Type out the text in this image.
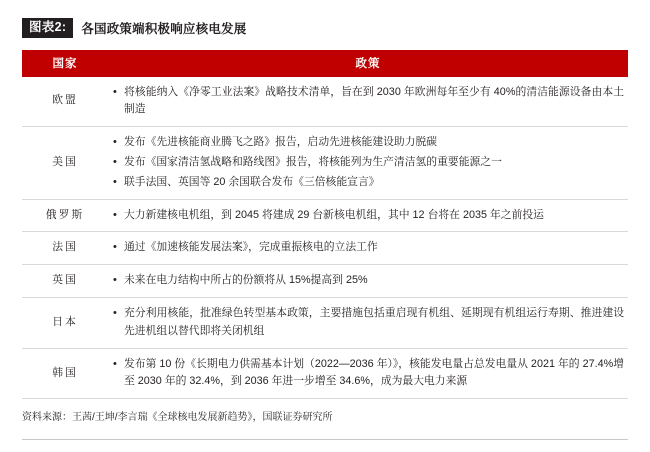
图表2:	各国政策端积极响应核电发展
国家	政策
欧盟	• 将核能纳入《净零工业法案》战略技术清单，旨在到 2030 年欧洲每年至少有 40%的清洁能源设备由本土制造

美国	• 发布《先进核能商业腾飞之路》报告，启动先进核能建设助力脱碳
• 发布《国家清洁氢战略和路线图》报告，将核能列为生产清洁氢的重要能源之一
• 联手法国、英国等 20 余国联合发布《三倍核能宣言》

俄罗斯	• 大力新建核电机组，到 2045 将建成 29 台新核电机组，其中 12 台将在 2035 年之前投运

法国	• 通过《加速核能发展法案》，完成重振核电的立法工作

英国	• 未来在电力结构中所占的份额将从 15%提高到 25%

日本	• 充分利用核能，批准绿色转型基本政策，主要措施包括重启现有机组、延期现有机组运行寿期、推进建设先进机组以替代即将关闭机组

韩国	• 发布第 10 份《长期电力供需基本计划（2022—2036 年）》，核能发电量占总发电量从 2021 年的 27.4%增至 2030 年的 32.4%，到 2036 年进一步增至 34.6%，成为最大电力来源
资料来源：王茜/王坤/李言瑞《全球核电发展新趋势》，国联证券研究所
